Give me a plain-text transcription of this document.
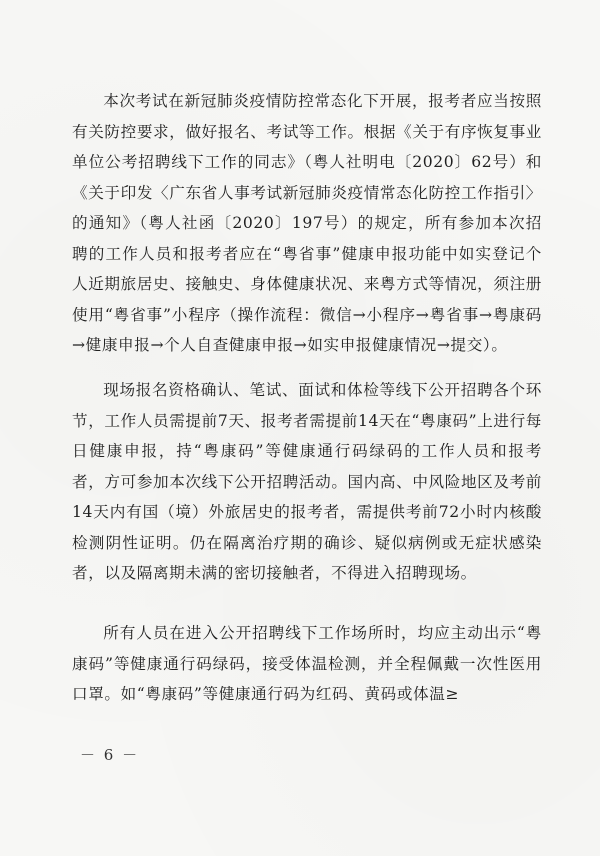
本次考试在新冠肺炎疫情防控常态化下开展，报考者应当按照有关防控要求，做好报名、考试等工作。根据《关于有序恢复事业单位公考招聘线下工作的同志》（粤人社明电〔2020〕62号）和《关于印发〈广东省人事考试新冠肺炎疫情常态化防控工作指引〉的通知》（粤人社函〔2020〕197号）的规定，所有参加本次招聘的工作人员和报考者应在“粤省事”健康申报功能中如实登记个人近期旅居史、接触史、身体健康状况、来粤方式等情况，须注册使用“粤省事”小程序（操作流程：微信→小程序→粤省事→粤康码→健康申报→个人自查健康申报→如实申报健康情况→提交）。

现场报名资格确认、笔试、面试和体检等线下公开招聘各个环节，工作人员需提前7天、报考者需提前14天在“粤康码”上进行每日健康申报，持“粤康码”等健康通行码绿码的工作人员和报考者，方可参加本次线下公开招聘活动。国内高、中风险地区及考前14天内有国（境）外旅居史的报考者，需提供考前72小时内核酸检测阴性证明。仍在隔离治疗期的确诊、疑似病例或无症状感染者，以及隔离期未满的密切接触者，不得进入招聘现场。

所有人员在进入公开招聘线下工作场所时，均应主动出示“粤康码”等健康通行码绿码，接受体温检测，并全程佩戴一次性医用口罩。如“粤康码”等健康通行码为红码、黄码或体温≥

－ 6 －
